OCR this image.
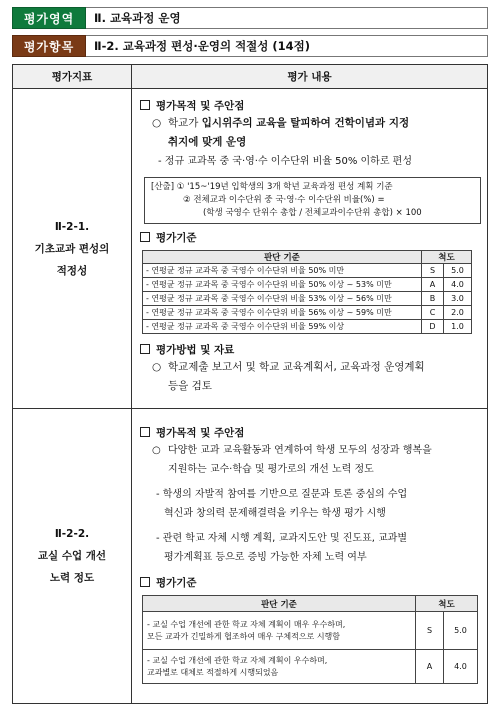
평가영역	Ⅱ. 교육과정 운영
평가항목	Ⅱ-2. 교육과정 편성·운영의 적절성 (14점)
평가지표	평가 내용
Ⅱ-2-1.
기초교과 편성의
적정성
평가목적 및 주안점
○ 학교가 입시위주의 교육을 탈피하여 건학이념과 지정
취지에 맞게 운영
- 정규 교과목 중 국·영·수 이수단위 비율 50% 이하로 편성
[산출] ① '15~'19년 입학생의 3개 학년 교육과정 편성 계획 기준
② 전체교과 이수단위 중 국·영·수 이수단위 비율(%) =
(학생 국영수 단위수 총합 / 전체교과이수단위 총합) × 100
평가기준
판단 기준	척도	
- 연평균 정규 교과목 중 국영수 이수단위 비율 50% 미만	S	5.0
- 연평균 정규 교과목 중 국영수 이수단위 비율 50% 이상 ~ 53% 미만	A	4.0
- 연평균 정규 교과목 중 국영수 이수단위 비율 53% 이상 ~ 56% 미만	B	3.0
- 연평균 정규 교과목 중 국영수 이수단위 비율 56% 이상 ~ 59% 미만	C	2.0
- 연평균 정규 교과목 중 국영수 이수단위 비율 59% 이상	D	1.0
평가방법 및 자료
○ 학교제출 보고서 및 학교 교육계획서, 교육과정 운영계획
등을 검토
Ⅱ-2-2.
교실 수업 개선
노력 정도
평가목적 및 주안점
○ 다양한 교과 교육활동과 연계하여 학생 모두의 성장과 행복을
지원하는 교수·학습 및 평가로의 개선 노력 정도
- 학생의 자발적 참여를 기반으로 질문과 토론 중심의 수업
혁신과 창의력 문제해결력을 키우는 학생 평가 시행
- 관련 학교 자체 시행 계획, 교과지도안 및 진도표, 교과별
평가계획표 등으로 증빙 가능한 자체 노력 여부
평가기준
판단 기준	척도	
- 교실 수업 개선에 관한 학교 자체 계획이 매우 우수하며,
모든 교과가 긴밀하게 협조하여 매우 구체적으로 시행함	S	5.0
- 교실 수업 개선에 관한 학교 자체 계획이 우수하며,
교과별로 대체로 적절하게 시행되었음	A	4.0
